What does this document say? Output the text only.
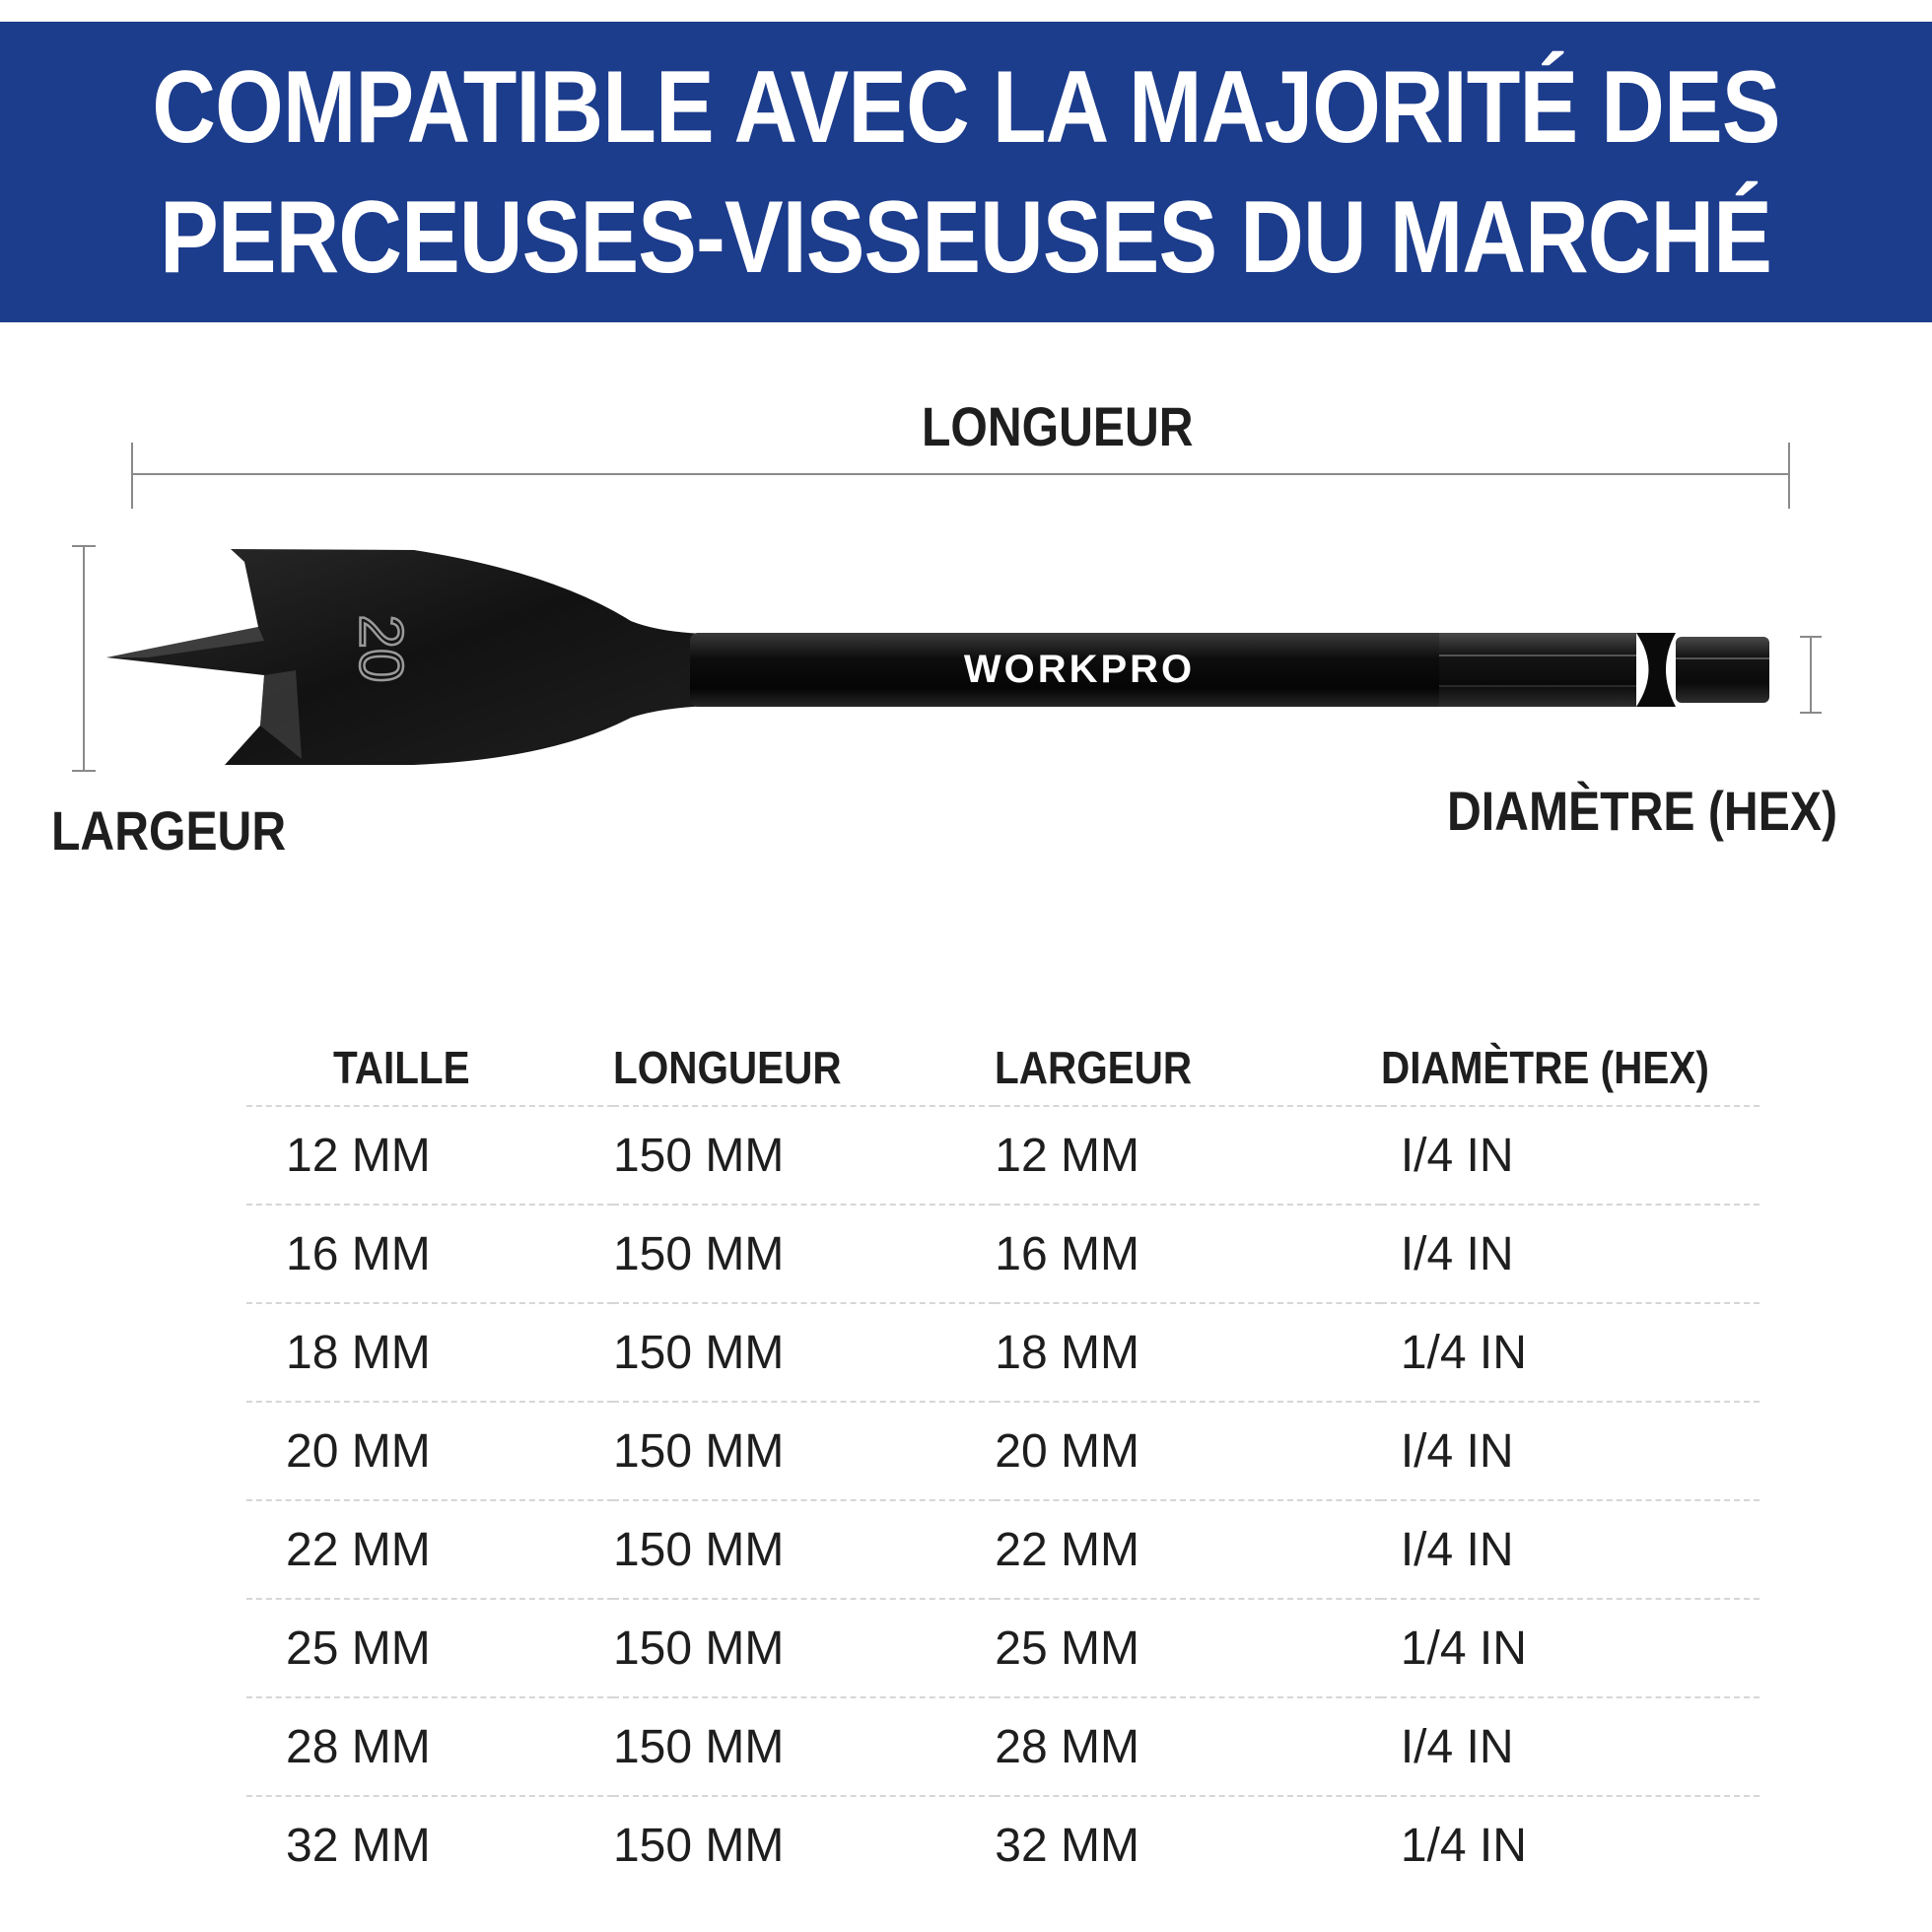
COMPATIBLE AVEC LA MAJORITÉ DES
PERCEUSES-VISSEUSES DU MARCHÉ
20	WORKPRO
LONGUEUR
LARGEUR	DIAMÈTRE (HEX)
TAILLE	LONGUEUR	LARGEUR	DIAMÈTRE (HEX)
12 MM	150 MM	12 MM	I/4 IN
16 MM	150 MM	16 MM	I/4 IN
18 MM	150 MM	18 MM	1/4 IN
20 MM	150 MM	20 MM	I/4 IN
22 MM	150 MM	22 MM	I/4 IN
25 MM	150 MM	25 MM	1/4 IN
28 MM	150 MM	28 MM	I/4 IN
32 MM	150 MM	32 MM	1/4 IN
